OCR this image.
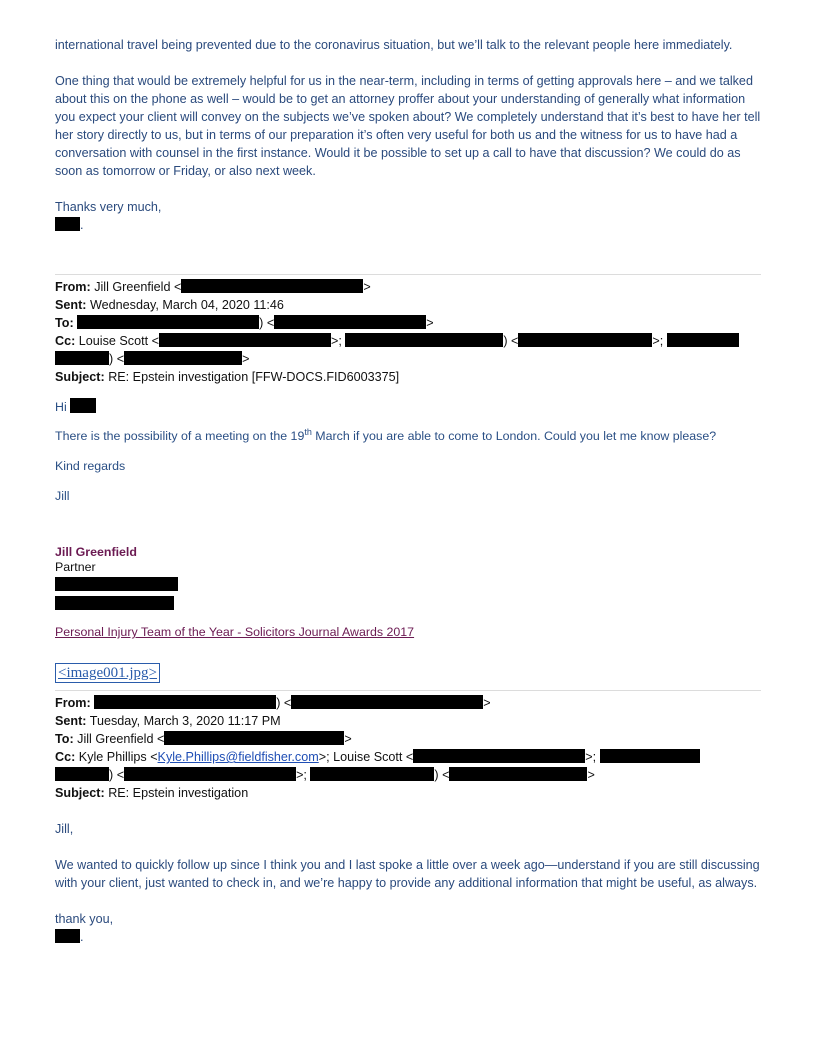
international travel being prevented due to the coronavirus situation, but we’ll talk to the relevant people here immediately.

One thing that would be extremely helpful for us in the near-term, including in terms of getting approvals here – and we talked about this on the phone as well – would be to get an attorney proffer about your understanding of generally what information you expect your client will convey on the subjects we’ve spoken about? We completely understand that it’s best to have her tell her story directly to us, but in terms of our preparation it’s often very useful for both us and the witness for us to have had a conversation with counsel in the first instance. Would it be possible to set up a call to have that discussion? We could do as soon as tomorrow or Friday, or also next week.

Thanks very much,

.

From: Jill Greenfield <	>

Sent: Wednesday, March 04, 2020 11:46

To:	) <	>

Cc: Louise Scott <	>;	) <	>;

) <	>

Subject: RE: Epstein investigation [FFW-DOCS.FID6003375]

Hi

There is the possibility of a meeting on the 19th March if you are able to come to London. Could you let me know please?

Kind regards

Jill

Jill Greenfield

Partner

Personal Injury Team of the Year - Solicitors Journal Awards 2017
<image001.jpg>

From:	) <	>

Sent: Tuesday, March 3, 2020 11:17 PM

To: Jill Greenfield <	>

Cc: Kyle Phillips <Kyle.Phillips@fieldfisher.com>; Louise Scott <	>;

) <	>;	) <	>

Subject: RE: Epstein investigation

Jill,

We wanted to quickly follow up since I think you and I last spoke a little over a week ago—understand if you are still discussing with your client, just wanted to check in, and we’re happy to provide any additional information that might be useful, as always.

thank you,

.
